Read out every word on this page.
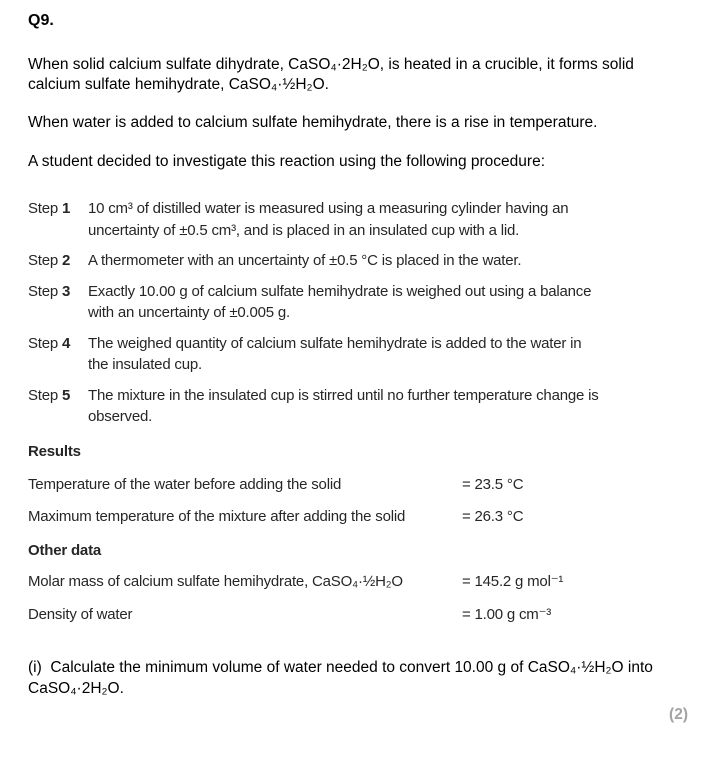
Q9.

When solid calcium sulfate dihydrate, CaSO₄·2H₂O, is heated in a crucible, it forms solid calcium sulfate hemihydrate, CaSO₄·½H₂O.

When water is added to calcium sulfate hemihydrate, there is a rise in temperature.

A student decided to investigate this reaction using the following procedure:

Step 1	10 cm³ of distilled water is measured using a measuring cylinder having an uncertainty of ±0.5 cm³, and is placed in an insulated cup with a lid.
Step 2	A thermometer with an uncertainty of ±0.5 °C is placed in the water.
Step 3	Exactly 10.00 g of calcium sulfate hemihydrate is weighed out using a balance with an uncertainty of ±0.005 g.
Step 4	The weighed quantity of calcium sulfate hemihydrate is added to the water in the insulated cup.
Step 5	The mixture in the insulated cup is stirred until no further temperature change is observed.
Results
Temperature of the water before adding the solid	= 23.5 °C
Maximum temperature of the mixture after adding the solid	= 26.3 °C
Other data
Molar mass of calcium sulfate hemihydrate, CaSO₄·½H₂O	= 145.2 g mol⁻¹
Density of water	= 1.00 g cm⁻³

(i)  Calculate the minimum volume of water needed to convert 10.00 g of CaSO₄·½H₂O into CaSO₄·2H₂O.

(2)
